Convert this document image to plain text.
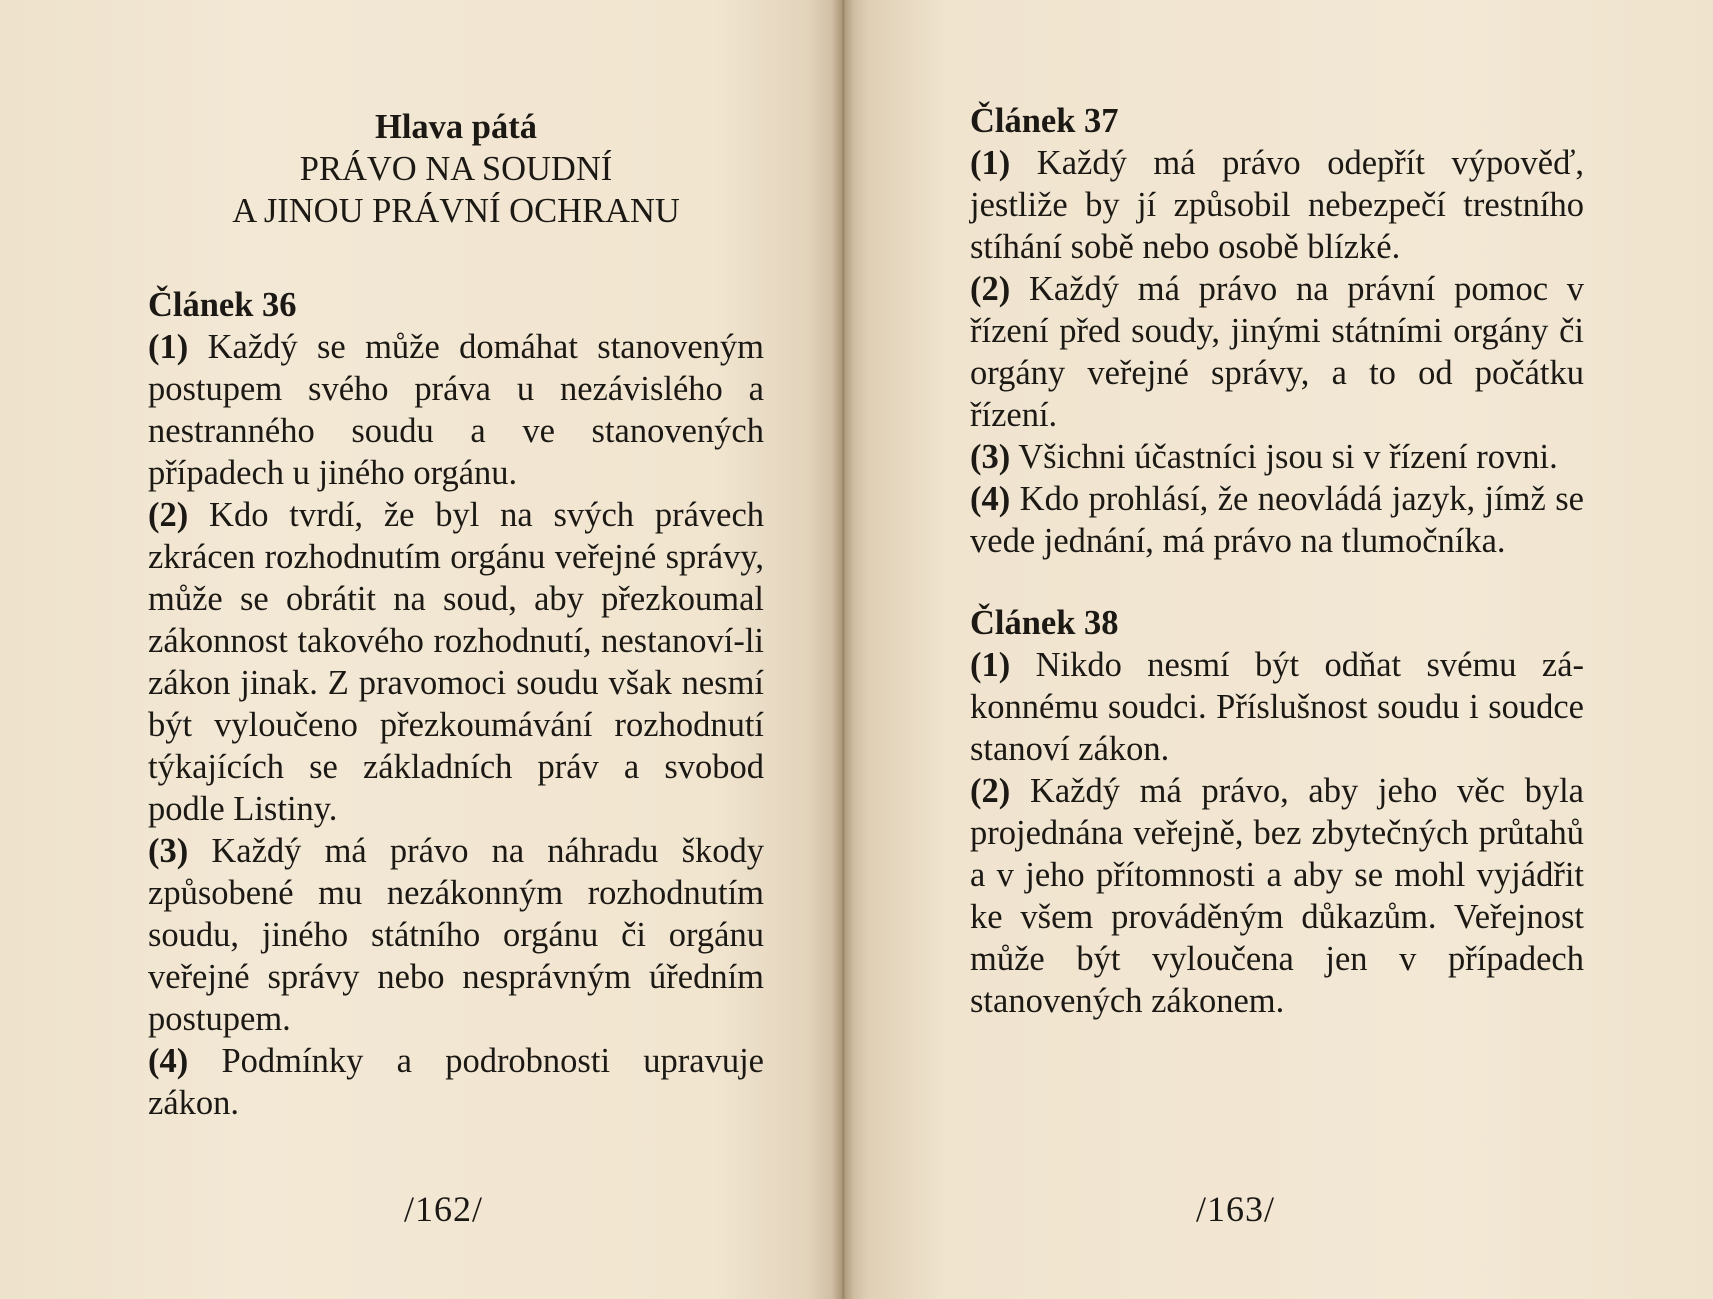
Hlava pátá
PRÁVO NA SOUDNÍ
A JINOU PRÁVNÍ OCHRANU
Článek 36

(1) Každý se může domáhat stanoveným postupem svého práva u nezávislého a nestranného soudu a ve stanovených případech u jiného orgánu.

(2) Kdo tvrdí, že byl na svých právech zkrácen rozhodnutím orgánu veřejné správy, může se obrátit na soud, aby přezkoumal zákonnost takového rozhodnutí, nestanoví-li zákon jinak. Z pravomoci soudu však nesmí být vyloučeno přezkoumávání rozhodnutí týkajících se základních práv a svobod podle Listiny.

(3) Každý má právo na náhradu škody způsobené mu nezákonným rozhodnutím soudu, jiného státního orgánu či orgánu veřejné správy nebo nesprávným úředním postupem.

(4) Podmínky a podrobnosti upravuje zákon.

/162/
Článek 37

(1) Každý má právo odepřít výpověď, jestliže by jí způsobil nebezpečí trestního stíhání sobě nebo osobě blízké.

(2) Každý má právo na právní pomoc v řízení před soudy, jinými státními orgány či orgány veřejné správy, a to od počátku řízení.

(3) Všichni účastníci jsou si v řízení rovni.

(4) Kdo prohlásí, že neovládá jazyk, jímž se vede jednání, má právo na tlumočníka.

Článek 38

(1) Nikdo nesmí být odňat svému zákonnému soudci. Příslušnost soudu i soudce stanoví zákon.

(2) Každý má právo, aby jeho věc byla projednána veřejně, bez zbytečných průtahů a v jeho přítomnosti a aby se mohl vyjádřit ke všem prováděným důkazům. Veřejnost může být vyloučena jen v případech stanovených zákonem.

/163/
